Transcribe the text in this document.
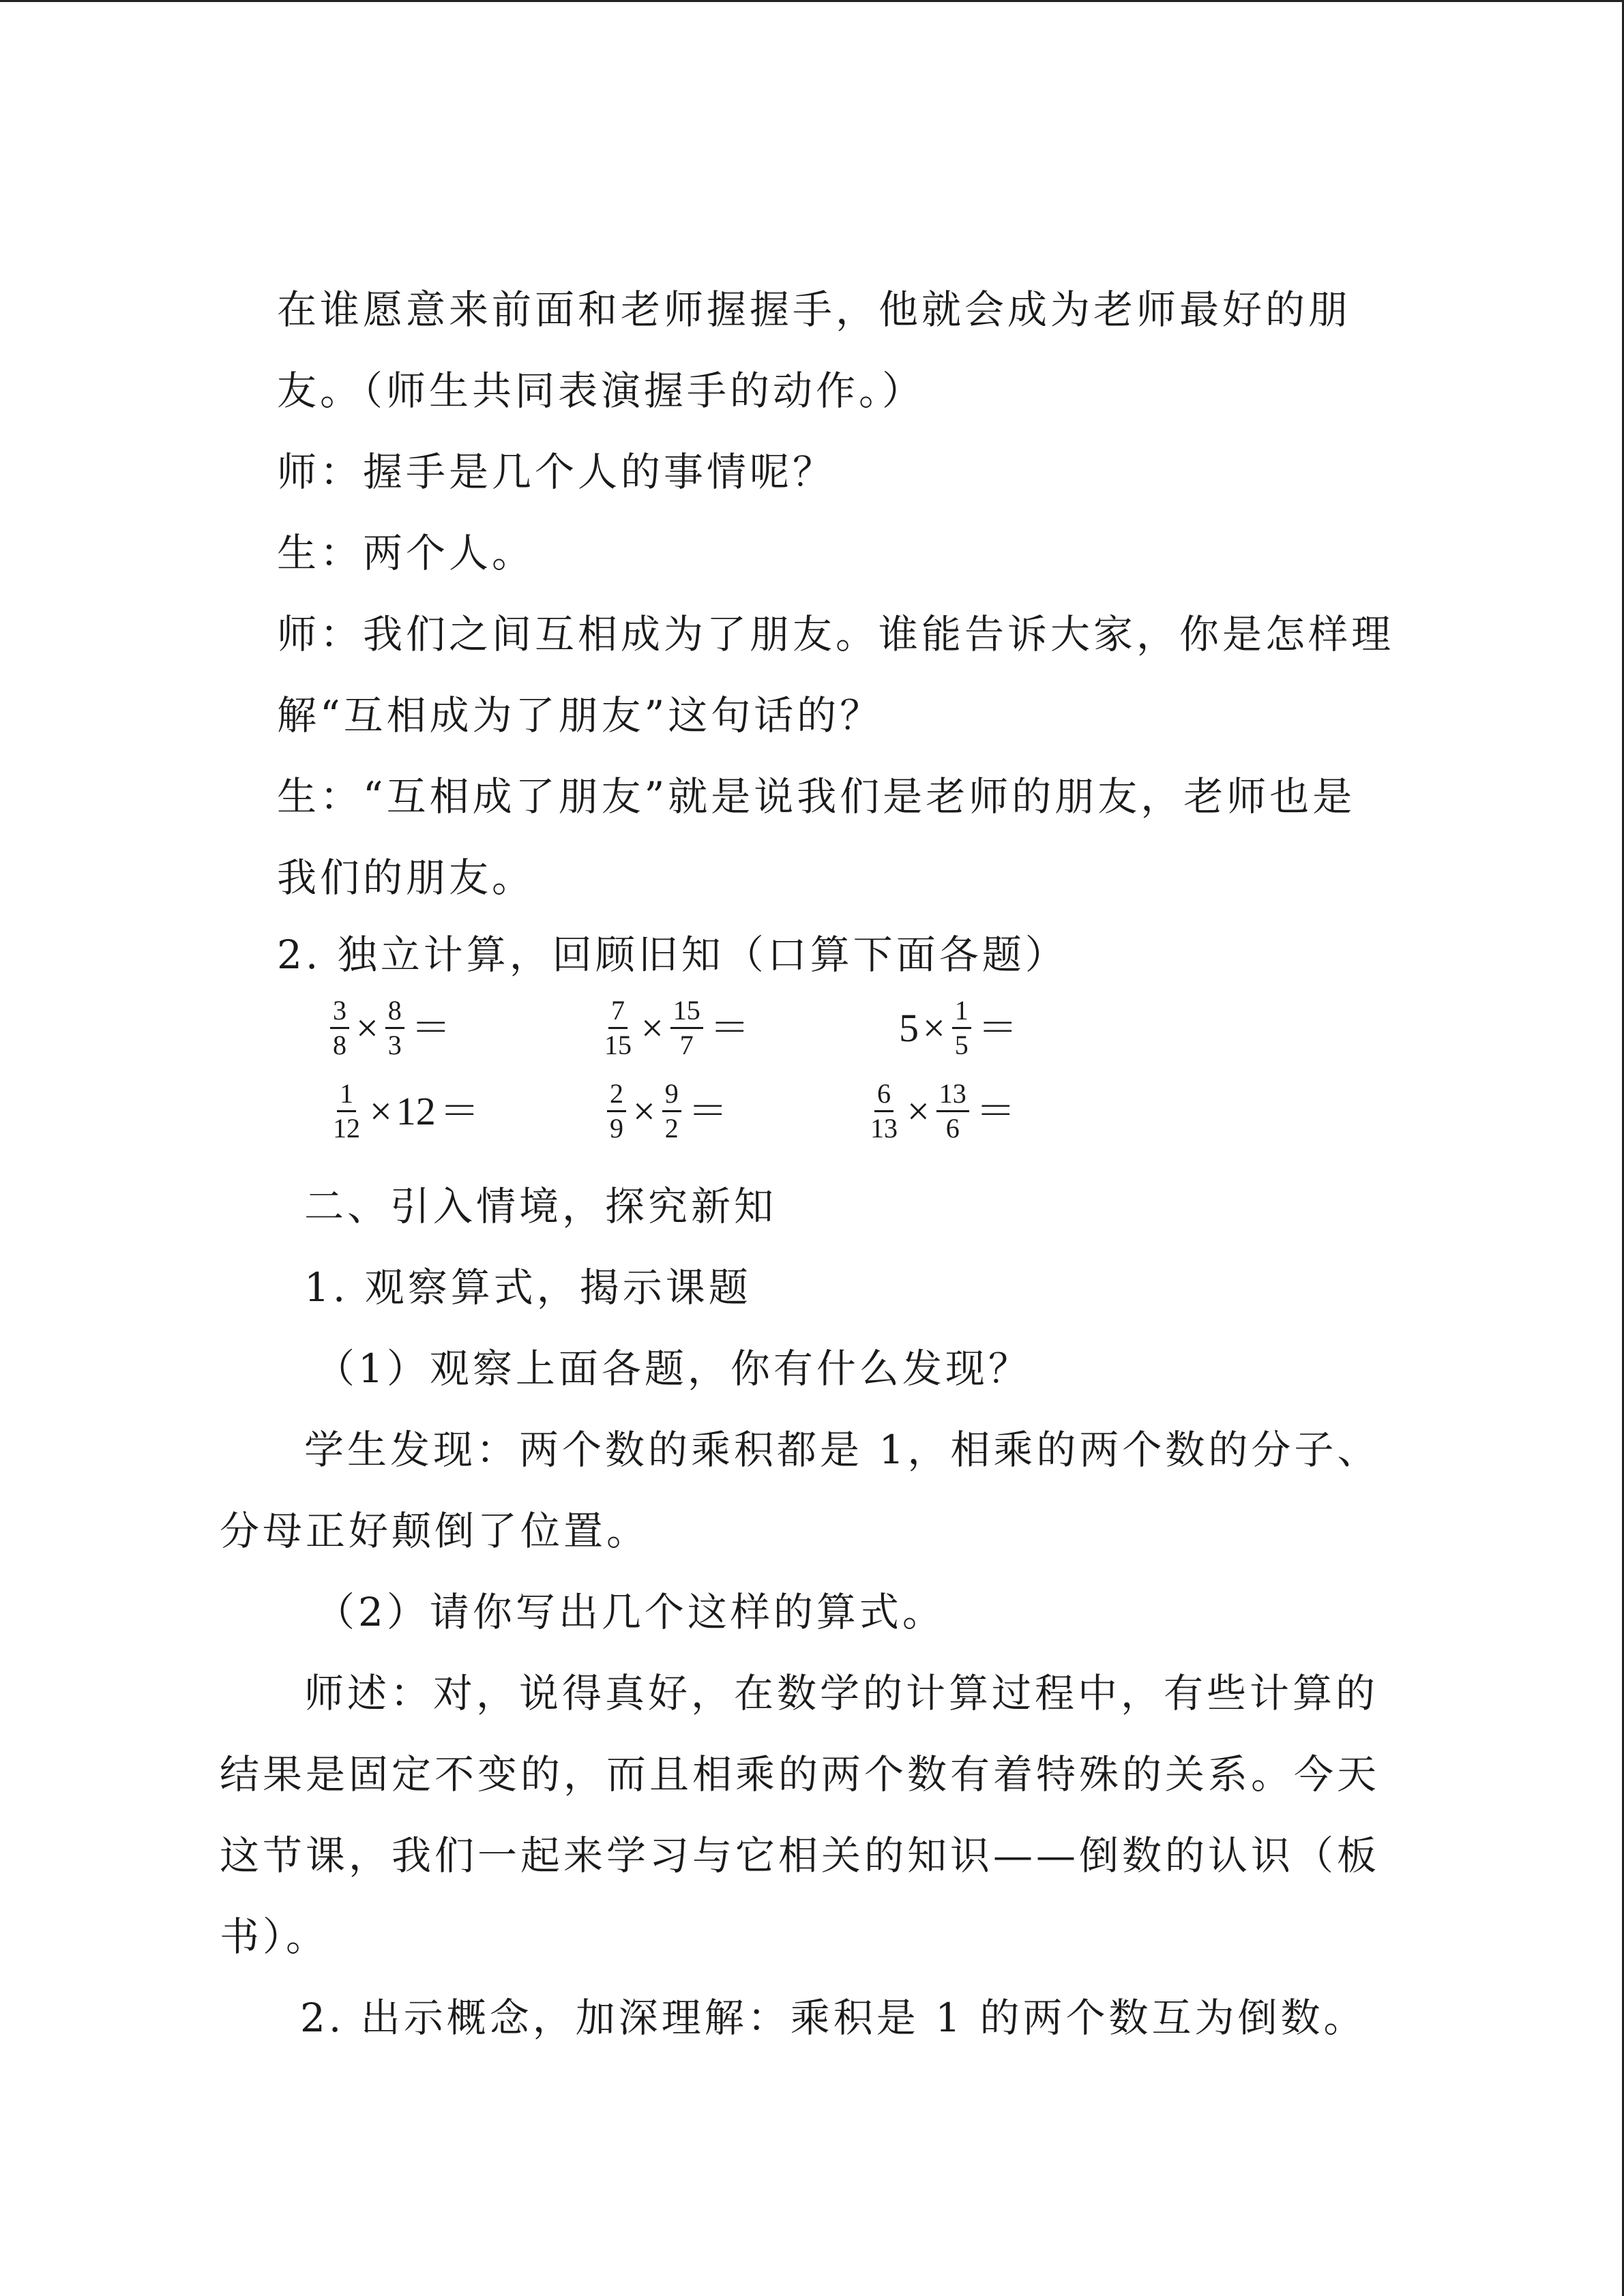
在谁愿意来前面和老师握握手，他就会成为老师最好的朋
友。（师生共同表演握手的动作。）
师：握手是几个人的事情呢？
生：两个人。
师：我们之间互相成为了朋友。谁能告诉大家，你是怎样理
解“互相成为了朋友”这句话的？
生：“互相成了朋友”就是说我们是老师的朋友，老师也是
我们的朋友。
2. 独立计算，回顾旧知（口算下面各题）
$\frac{3}{8} \times \frac{8}{3}$ ＝	$\frac{7}{15} \times \frac{15}{7}$ ＝	$5 \times \frac{1}{5}$ ＝
$\frac{1}{12} \times 12$ ＝	$\frac{2}{9} \times \frac{9}{2}$ ＝	$\frac{6}{13} \times \frac{13}{6}$ ＝
二、引入情境，探究新知
1. 观察算式，揭示课题
（1）观察上面各题，你有什么发现？
学生发现：两个数的乘积都是 1，相乘的两个数的分子、
分母正好颠倒了位置。
（2）请你写出几个这样的算式。
师述：对，说得真好，在数学的计算过程中，有些计算的
结果是固定不变的，而且相乘的两个数有着特殊的关系。今天
这节课，我们一起来学习与它相关的知识——倒数的认识（板
书）。
2. 出示概念，加深理解：乘积是 1 的两个数互为倒数。
